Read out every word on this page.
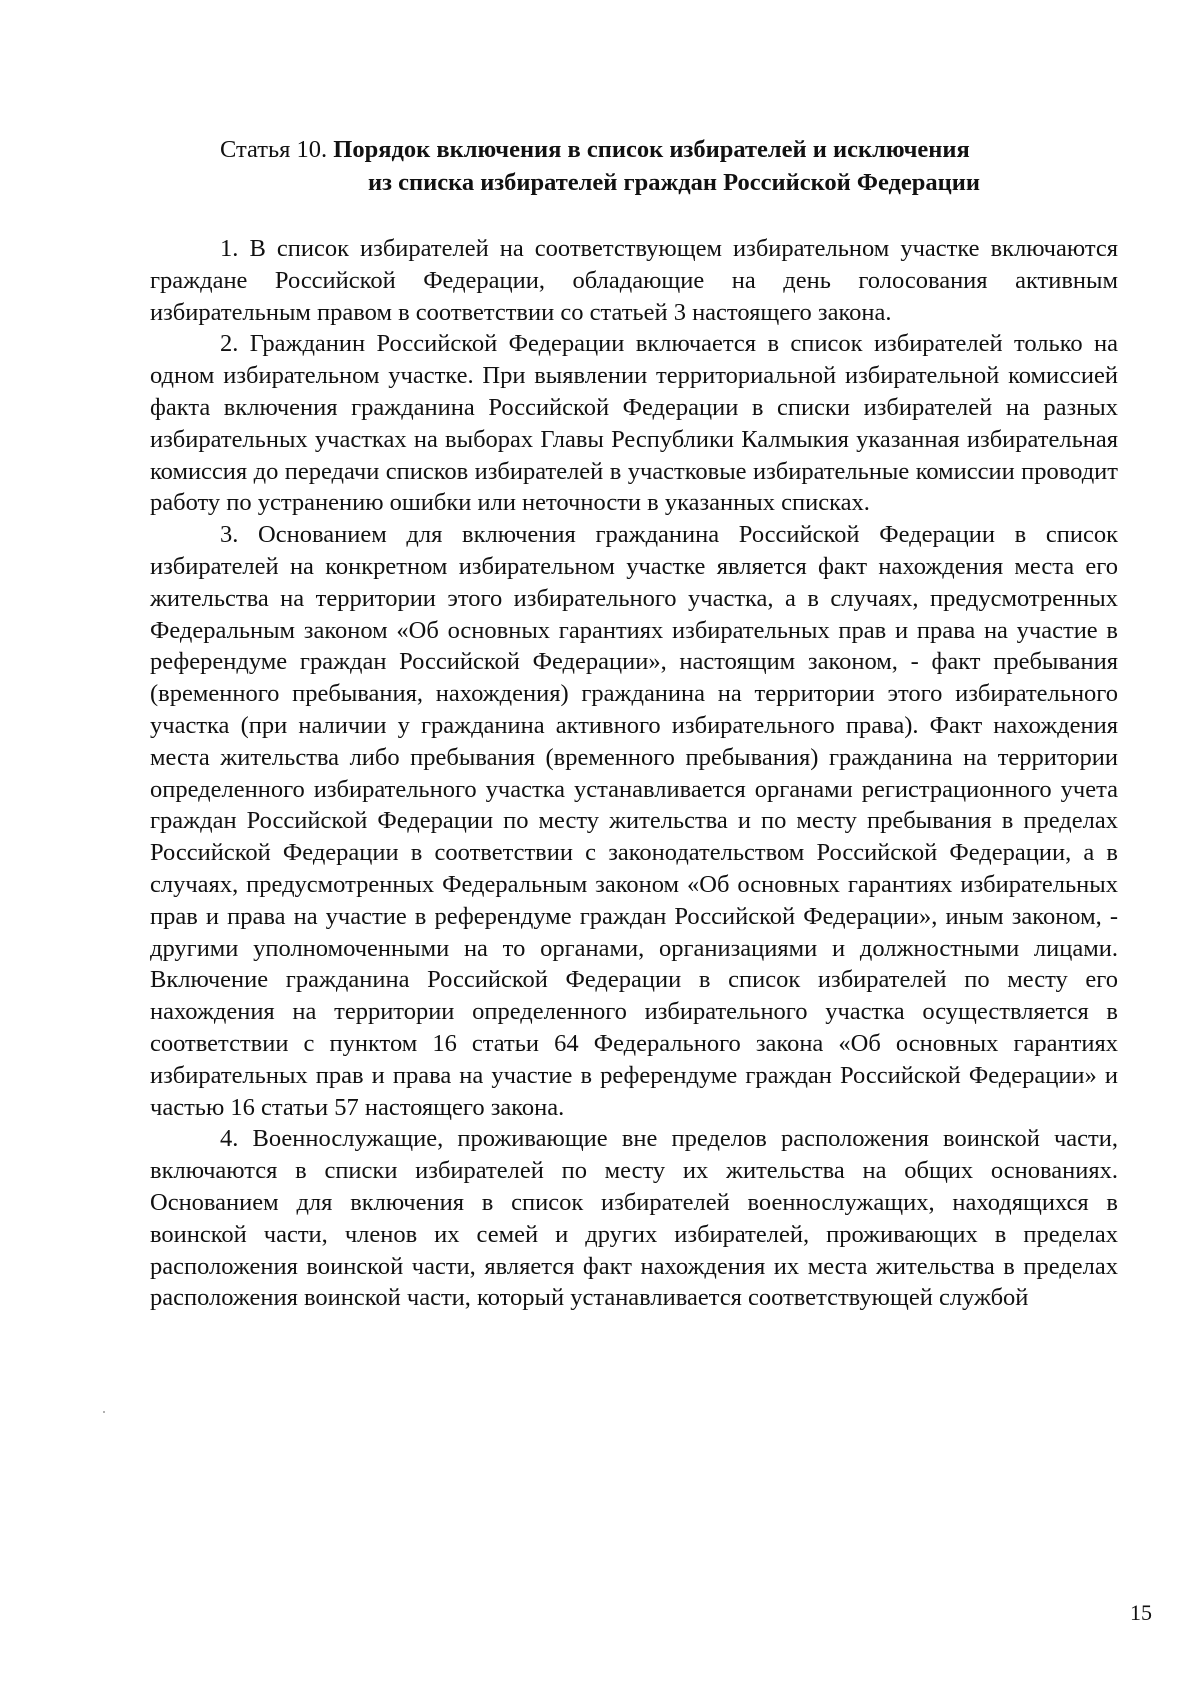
Статья 10. Порядок включения в список избирателей и исключения
из списка избирателей граждан Российской Федерации

1. В список избирателей на соответствующем избирательном участке включаются граждане Российской Федерации, обладающие на день голосования активным избирательным правом в соответствии со статьей 3 настоящего закона.

2. Гражданин Российской Федерации включается в список избирателей только на одном избирательном участке. При выявлении территориальной избирательной комиссией факта включения гражданина Российской Федерации в списки избирателей на разных избирательных участках на выборах Главы Республики Калмыкия указанная избирательная комиссия до передачи списков избирателей в участковые избирательные комиссии проводит работу по устранению ошибки или неточности в указанных списках.

3. Основанием для включения гражданина Российской Федерации в список избирателей на конкретном избирательном участке является факт нахождения места его жительства на территории этого избирательного участка, а в случаях, предусмотренных Федеральным законом «Об основных гарантиях избирательных прав и права на участие в референдуме граждан Российской Федерации», настоящим законом, - факт пребывания (временного пребывания, нахождения) гражданина на территории этого избирательного участка (при наличии у гражданина активного избирательного права). Факт нахождения места жительства либо пребывания (временного пребывания) гражданина на территории определенного избирательного участка устанавливается органами регистрационного учета граждан Российской Федерации по месту жительства и по месту пребывания в пределах Российской Федерации в соответствии с законодательством Российской Федерации, а в случаях, предусмотренных Федеральным законом «Об основных гарантиях избирательных прав и права на участие в референдуме граждан Российской Федерации», иным законом, - другими уполномоченными на то органами, организациями и должностными лицами. Включение гражданина Российской Федерации в список избирателей по месту его нахождения на территории определенного избирательного участка осуществляется в соответствии с пунктом 16 статьи 64 Федерального закона «Об основных гарантиях избирательных прав и права на участие в референдуме граждан Российской Федерации» и частью 16 статьи 57 настоящего закона.

4. Военнослужащие, проживающие вне пределов расположения воинской части, включаются в списки избирателей по месту их жительства на общих основаниях. Основанием для включения в список избирателей военнослужащих, находящихся в воинской части, членов их семей и других избирателей, проживающих в пределах расположения воинской части, является факт нахождения их места жительства в пределах расположения воинской части, который устанавливается соответствующей службой

15
